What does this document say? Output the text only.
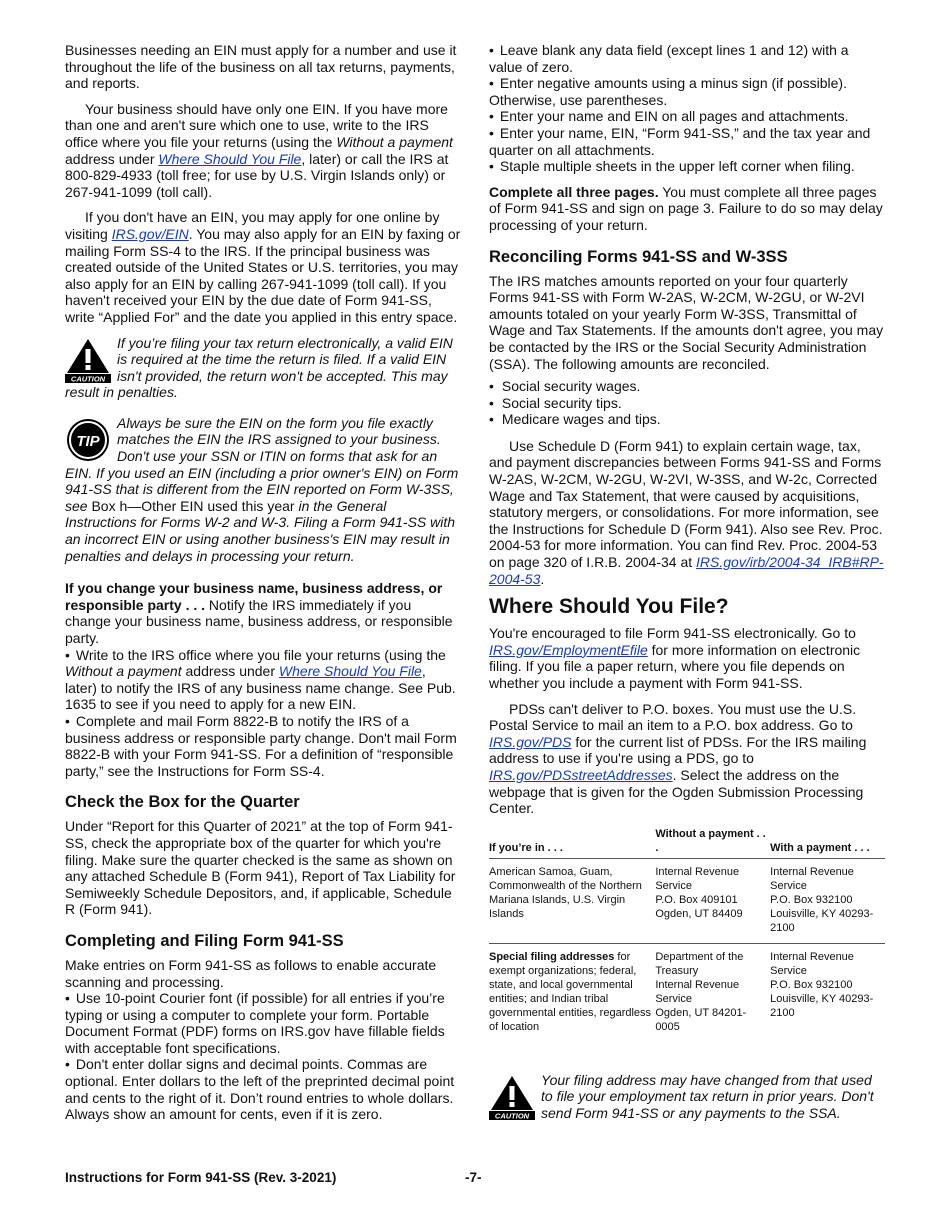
Businesses needing an EIN must apply for a number and use it throughout the life of the business on all tax returns, payments, and reports.

Your business should have only one EIN. If you have more than one and aren't sure which one to use, write to the IRS office where you file your returns (using the Without a payment address under Where Should You File, later) or call the IRS at 800-829-4933 (toll free; for use by U.S. Virgin Islands only) or 267-941-1099 (toll call).

If you don't have an EIN, you may apply for one online by visiting IRS.gov/EIN. You may also apply for an EIN by faxing or mailing Form SS-4 to the IRS. If the principal business was created outside of the United States or U.S. territories, you may also apply for an EIN by calling 267-941-1099 (toll call). If you haven't received your EIN by the due date of Form 941-SS, write “Applied For” and the date you applied in this entry space.

CAUTION
If you’re filing your tax return electronically, a valid EIN is required at the time the return is filed. If a valid EIN isn't provided, the return won't be accepted. This may result in penalties.
TIP
Always be sure the EIN on the form you file exactly matches the EIN the IRS assigned to your business. Don't use your SSN or ITIN on forms that ask for an EIN. If you used an EIN (including a prior owner's EIN) on Form 941-SS that is different from the EIN reported on Form W-3SS, see Box h—Other EIN used this year in the General Instructions for Forms W-2 and W-3. Filing a Form 941-SS with an incorrect EIN or using another business's EIN may result in penalties and delays in processing your return.

If you change your business name, business address, or responsible party . . . Notify the IRS immediately if you change your business name, business address, or responsible party.

• Write to the IRS office where you file your returns (using the Without a payment address under Where Should You File, later) to notify the IRS of any business name change. See Pub. 1635 to see if you need to apply for a new EIN.

• Complete and mail Form 8822-B to notify the IRS of a business address or responsible party change. Don't mail Form 8822-B with your Form 941-SS. For a definition of “responsible party,” see the Instructions for Form SS-4.

Check the Box for the Quarter

Under “Report for this Quarter of 2021” at the top of Form 941-SS, check the appropriate box of the quarter for which you're filing. Make sure the quarter checked is the same as shown on any attached Schedule B (Form 941), Report of Tax Liability for Semiweekly Schedule Depositors, and, if applicable, Schedule R (Form 941).

Completing and Filing Form 941-SS

Make entries on Form 941-SS as follows to enable accurate scanning and processing.

• Use 10-point Courier font (if possible) for all entries if you’re typing or using a computer to complete your form. Portable Document Format (PDF) forms on IRS.gov have fillable fields with acceptable font specifications.

• Don't enter dollar signs and decimal points. Commas are optional. Enter dollars to the left of the preprinted decimal point and cents to the right of it. Don’t round entries to whole dollars. Always show an amount for cents, even if it is zero.

• Leave blank any data field (except lines 1 and 12) with a value of zero.

• Enter negative amounts using a minus sign (if possible). Otherwise, use parentheses.

• Enter your name and EIN on all pages and attachments.

• Enter your name, EIN, “Form 941-SS,” and the tax year and quarter on all attachments.

• Staple multiple sheets in the upper left corner when filing.

Complete all three pages. You must complete all three pages of Form 941-SS and sign on page 3. Failure to do so may delay processing of your return.

Reconciling Forms 941-SS and W-3SS

The IRS matches amounts reported on your four quarterly Forms 941-SS with Form W-2AS, W-2CM, W-2GU, or W-2VI amounts totaled on your yearly Form W-3SS, Transmittal of Wage and Tax Statements. If the amounts don't agree, you may be contacted by the IRS or the Social Security Administration (SSA). The following amounts are reconciled.

• Social security wages.
• Social security tips.
• Medicare wages and tips.

Use Schedule D (Form 941) to explain certain wage, tax, and payment discrepancies between Forms 941-SS and Forms W-2AS, W-2CM, W-2GU, W-2VI, W-3SS, and W-2c, Corrected Wage and Tax Statement, that were caused by acquisitions, statutory mergers, or consolidations. For more information, see the Instructions for Schedule D (Form 941). Also see Rev. Proc. 2004-53 for more information. You can find Rev. Proc. 2004-53 on page 320 of I.R.B. 2004-34 at IRS.gov/irb/2004-34_IRB#RP-2004-53.

Where Should You File?

You're encouraged to file Form 941-SS electronically. Go to IRS.gov/EmploymentEfile for more information on electronic filing. If you file a paper return, where you file depends on whether you include a payment with Form 941-SS.

PDSs can't deliver to P.O. boxes. You must use the U.S. Postal Service to mail an item to a P.O. box address. Go to IRS.gov/PDS for the current list of PDSs. For the IRS mailing address to use if you're using a PDS, go to IRS.gov/PDSstreetAddresses. Select the address on the webpage that is given for the Ogden Submission Processing Center.

If you’re in . . .	Without a payment . . .	With a payment . . .
American Samoa, Guam, Commonwealth of the Northern Mariana Islands, U.S. Virgin Islands	Internal Revenue Service
P.O. Box 409101
Ogden, UT 84409	Internal Revenue Service
P.O. Box 932100
Louisville, KY 40293-2100

Special filing addresses for exempt organizations; federal, state, and local governmental entities; and Indian tribal governmental entities, regardless of location	Department of the Treasury
Internal Revenue Service
Ogden, UT 84201-0005	Internal Revenue Service
P.O. Box 932100
Louisville, KY 40293-2100
CAUTION
Your filing address may have changed from that used to file your employment tax return in prior years. Don't send Form 941-SS or any payments to the SSA.
Instructions for Form 941-SS (Rev. 3-2021)	-7-
